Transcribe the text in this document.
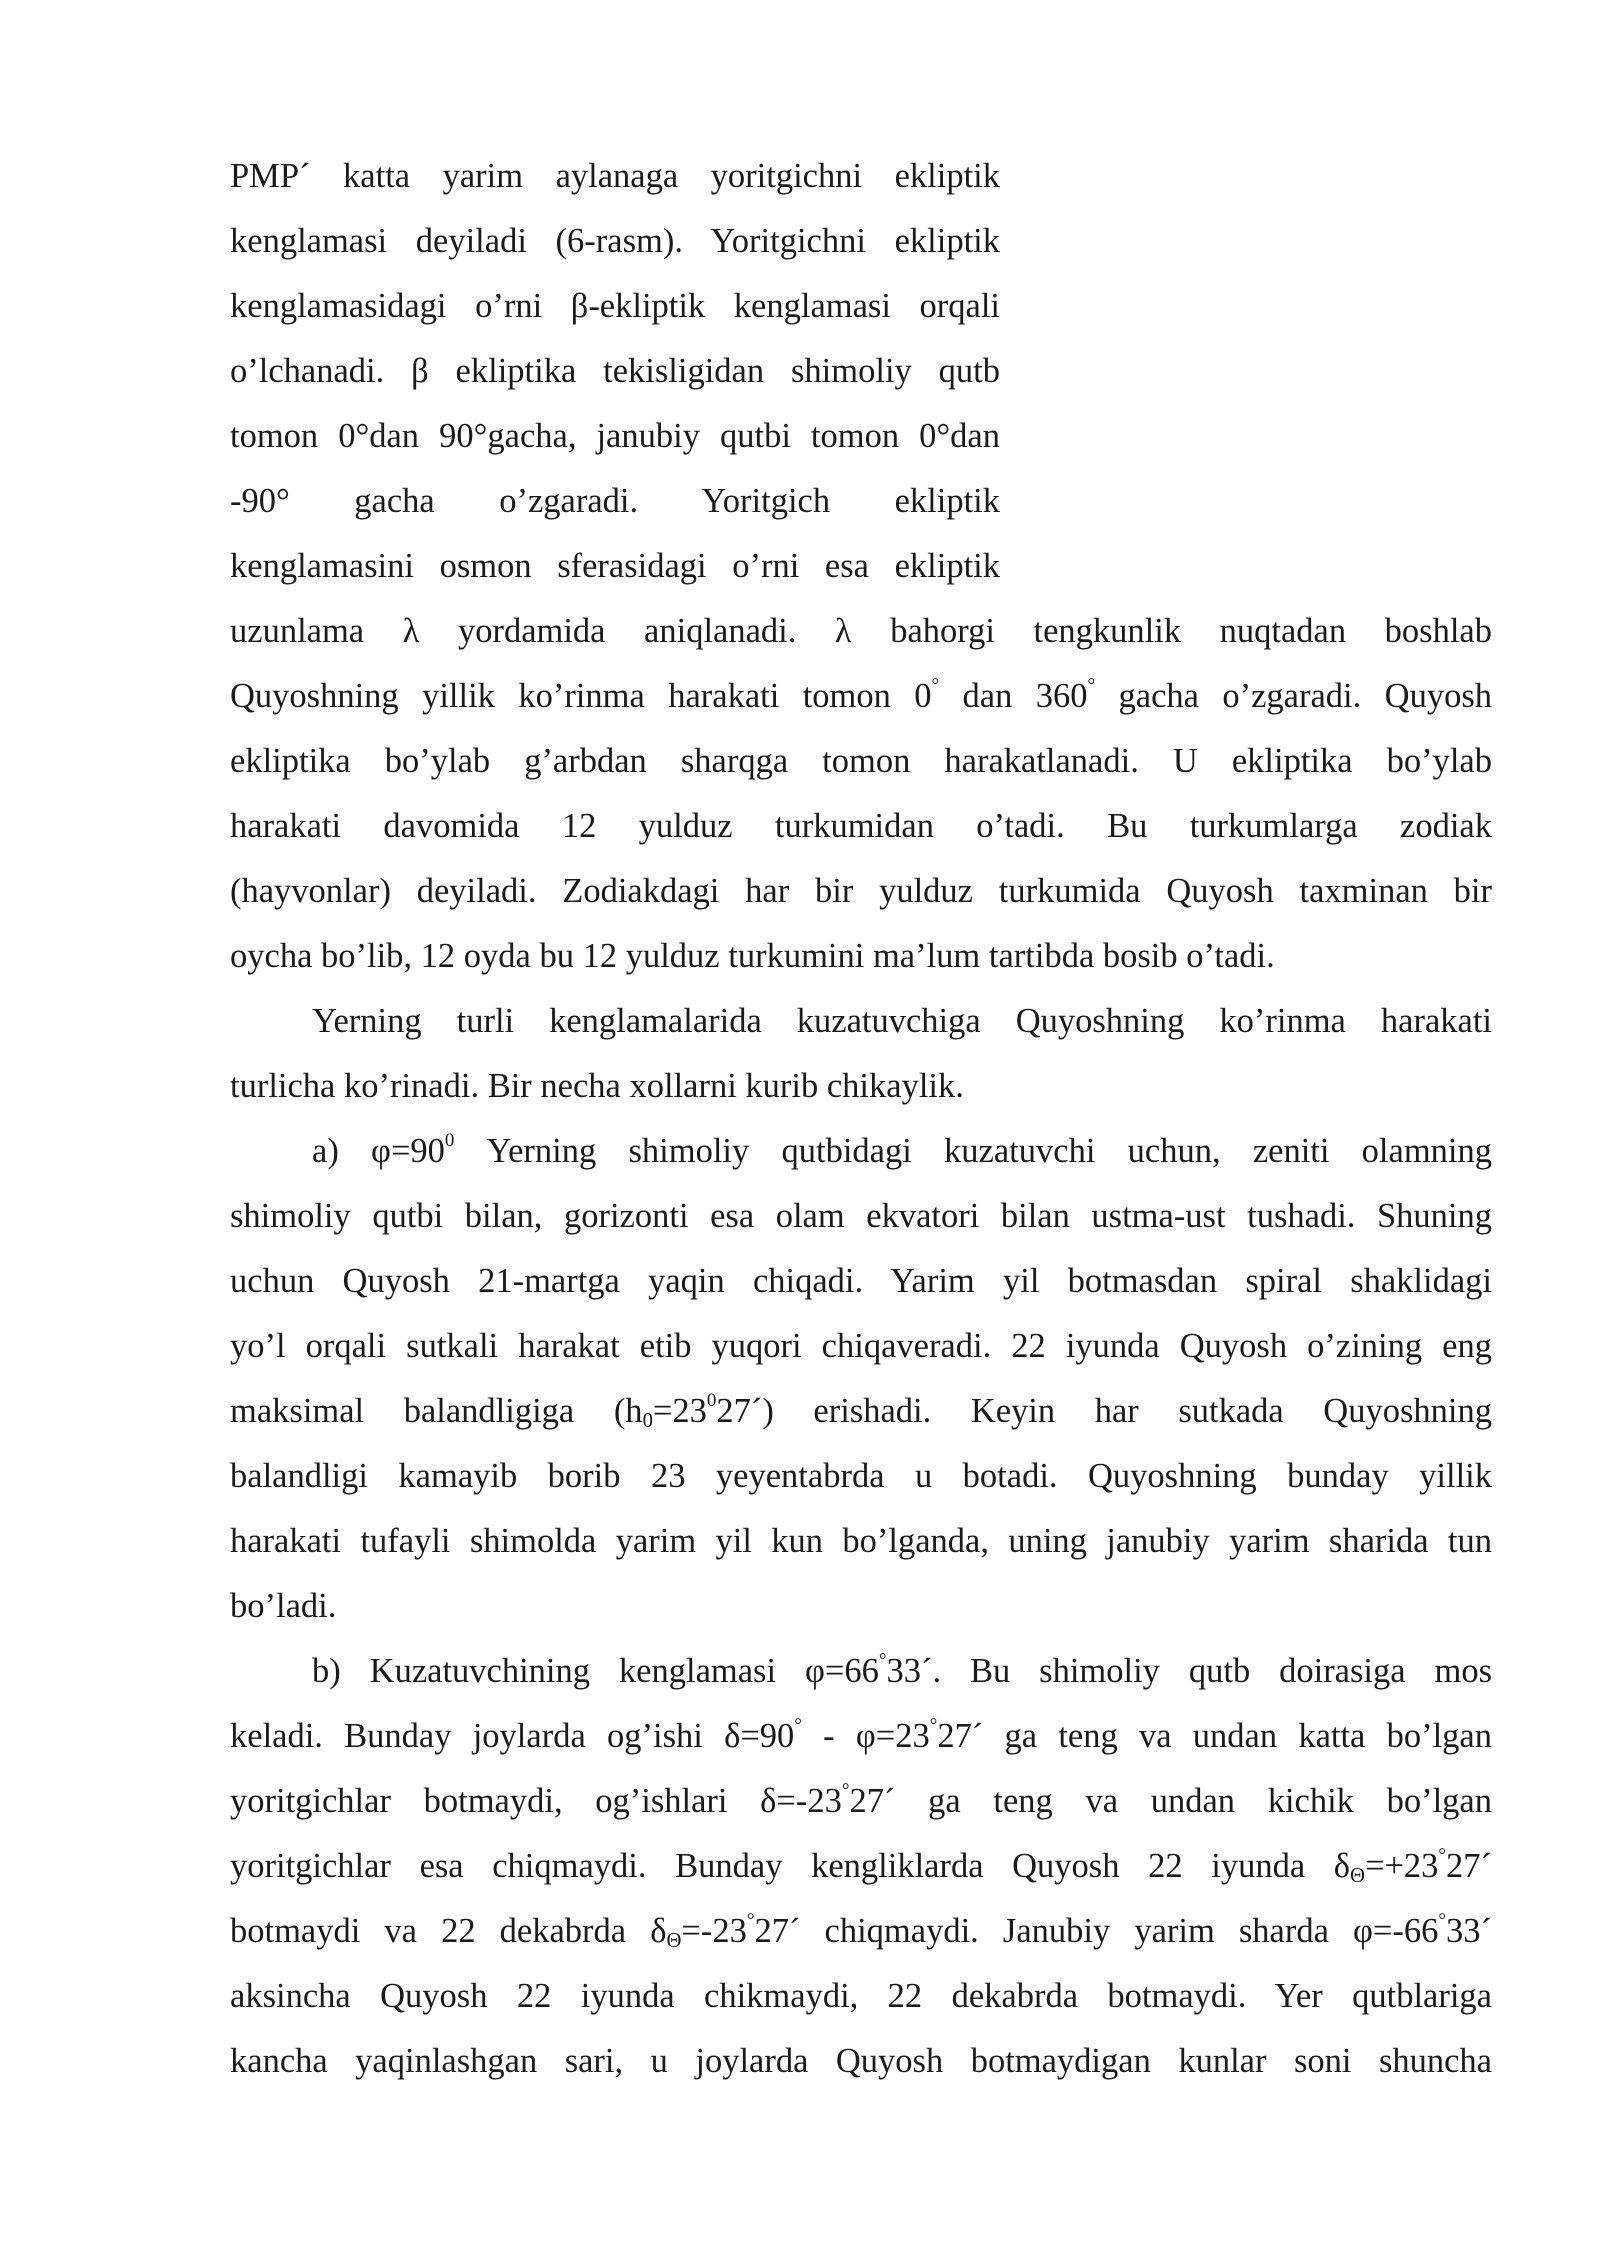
PMP´ katta yarim aylanaga yoritgichni ekliptik
kenglamasi deyiladi (6-rasm). Yoritgichni ekliptik
kenglamasidagi o’rni β-ekliptik kenglamasi orqali
o’lchanadi. β ekliptika tekisligidan shimoliy qutb
tomon 0°dan 90°gacha, janubiy qutbi tomon 0°dan
-90° gacha o’zgaradi. Yoritgich ekliptik
kenglamasini osmon sferasidagi o’rni esa ekliptik
uzunlama λ yordamida aniqlanadi. λ bahorgi tengkunlik nuqtadan boshlab
Quyoshning yillik ko’rinma harakati tomon 0° dan 360° gacha o’zgaradi. Quyosh
ekliptika bo’ylab g’arbdan sharqga tomon harakatlanadi. U ekliptika bo’ylab
harakati davomida 12 yulduz turkumidan o’tadi. Bu turkumlarga zodiak
(hayvonlar) deyiladi. Zodiakdagi har bir yulduz turkumida Quyosh taxminan bir
oycha bo’lib, 12 oyda bu 12 yulduz turkumini ma’lum tartibda bosib o’tadi.
Yerning turli kenglamalarida kuzatuvchiga Quyoshning ko’rinma harakati
turlicha ko’rinadi. Bir necha xollarni kurib chikaylik.
a) $\varphi=90^0$ Yerning shimoliy qutbidagi kuzatuvchi uchun, zeniti olamning
shimoliy qutbi bilan, gorizonti esa olam ekvatori bilan ustma-ust tushadi. Shuning
uchun Quyosh 21-martga yaqin chiqadi. Yarim yil botmasdan spiral shaklidagi
yo’l orqali sutkali harakat etib yuqori chiqaveradi. 22 iyunda Quyosh o’zining eng
maksimal balandligiga $(h_0=23^027´)$ erishadi. Keyin har sutkada Quyoshning
balandligi kamayib borib 23 yeyentabrda u botadi. Quyoshning bunday yillik
harakati tufayli shimolda yarim yil kun bo’lganda, uning janubiy yarim sharida tun
bo’ladi.
b) Kuzatuvchining kenglamasi φ=66°33´. Bu shimoliy qutb doirasiga mos
keladi. Bunday joylarda og’ishi δ=90° - φ=23°27´ ga teng va undan katta bo’lgan
yoritgichlar botmaydi, og’ishlari δ=-23°27´ ga teng va undan kichik bo’lgan
yoritgichlar esa chiqmaydi. Bunday kengliklarda Quyosh 22 iyunda $\delta_\Theta=+23^\circ 27´$
botmaydi va 22 dekabrda $\delta_\Theta=-23^\circ 27´$ chiqmaydi. Janubiy yarim sharda φ=-66°33´
aksincha Quyosh 22 iyunda chikmaydi, 22 dekabrda botmaydi. Yer qutblariga
kancha yaqinlashgan sari, u joylarda Quyosh botmaydigan kunlar soni shuncha
